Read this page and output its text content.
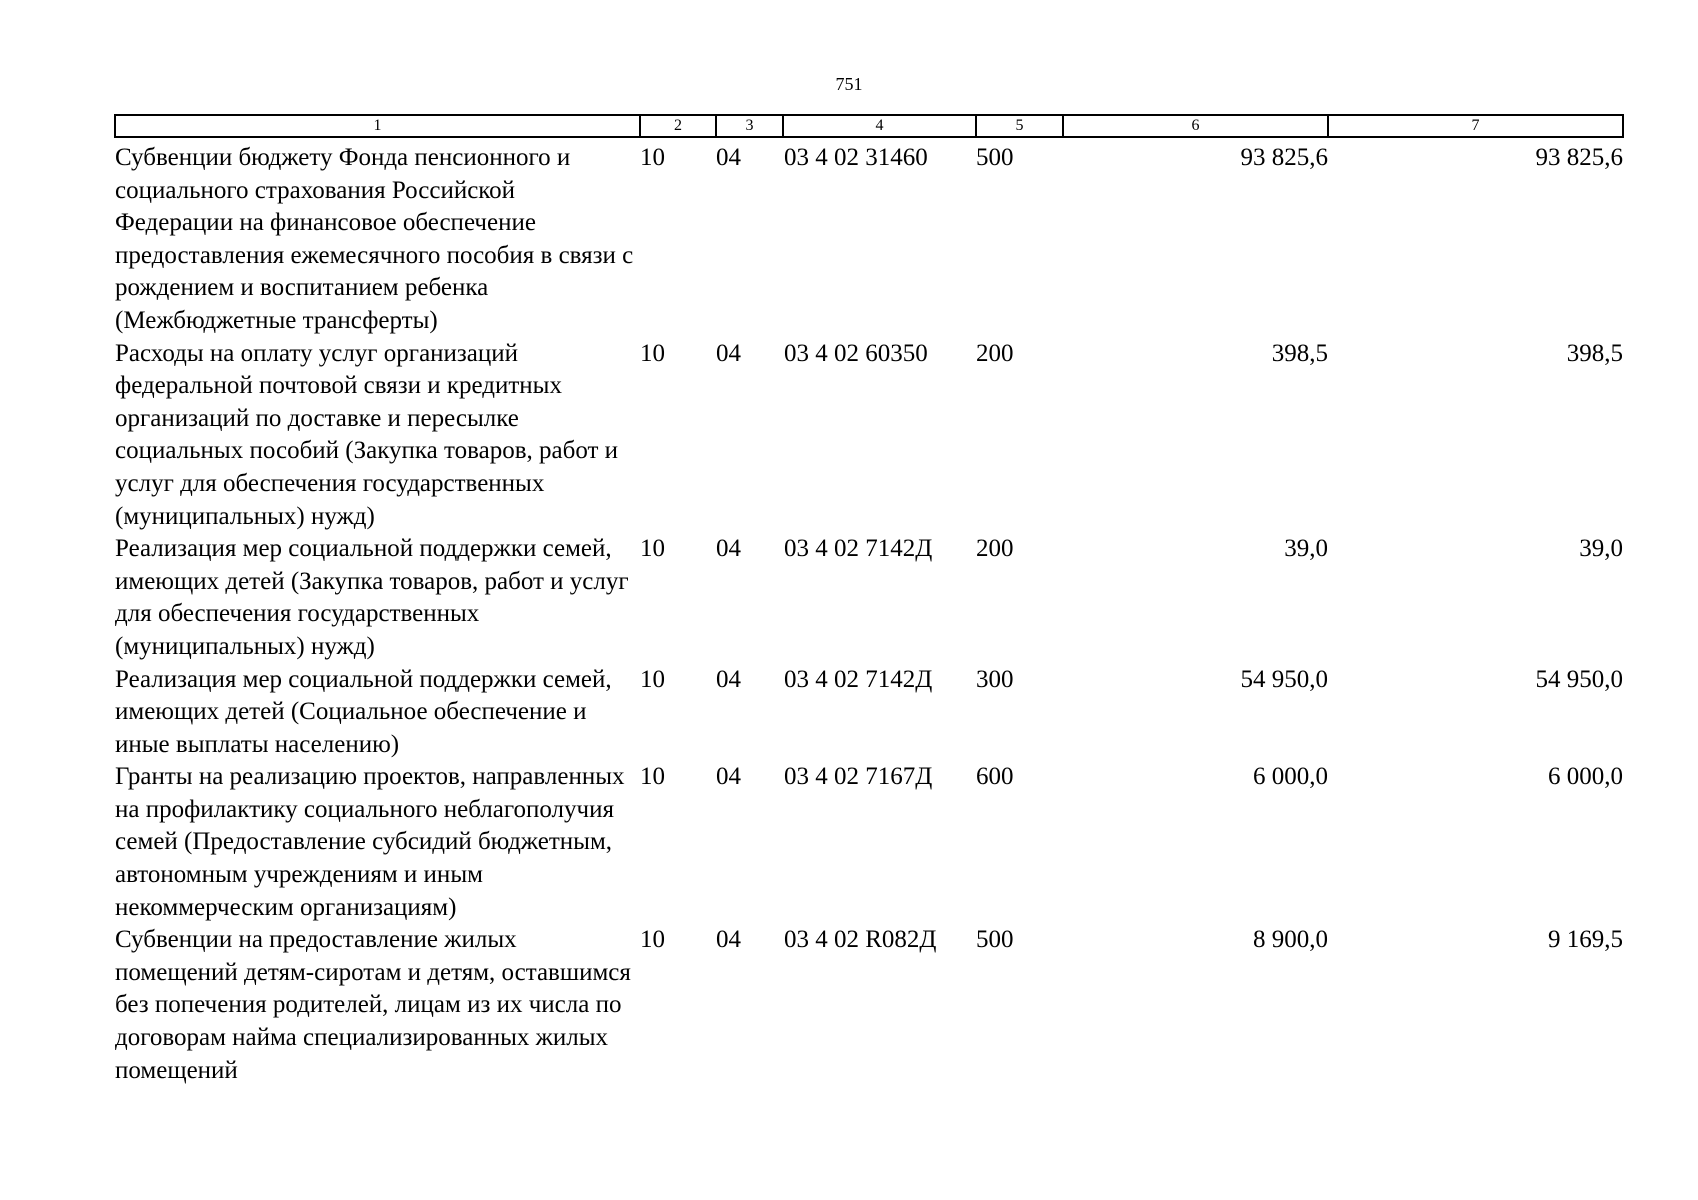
751
1	2	3	4	5	6	7
Субвенции бюджету Фонда пенсионного и социального страхования Российской Федерации на финансовое обеспечение предоставления ежемесячного пособия в связи с рождением и воспитанием ребенка (Межбюджетные трансферты)	10	04	03 4 02 31460	500	93 825,6	93 825,6
Расходы на оплату услуг организаций федеральной почтовой связи и кредитных организаций по доставке и пересылке социальных пособий (Закупка товаров, работ и услуг для обеспечения государственных (муниципальных) нужд)	10	04	03 4 02 60350	200	398,5	398,5
Реализация мер социальной поддержки семей, имеющих детей (Закупка товаров, работ и услуг для обеспечения государственных (муниципальных) нужд)	10	04	03 4 02 7142Д	200	39,0	39,0
Реализация мер социальной поддержки семей, имеющих детей (Социальное обеспечение и иные выплаты населению)	10	04	03 4 02 7142Д	300	54 950,0	54 950,0
Гранты на реализацию проектов, направленных на профилактику социального неблагополучия семей (Предоставление субсидий бюджетным, автономным учреждениям и иным некоммерческим организациям)	10	04	03 4 02 7167Д	600	6 000,0	6 000,0
Субвенции на предоставление жилых помещений детям-сиротам и детям, оставшимся без попечения родителей, лицам из их числа по договорам найма специализированных жилых помещений	10	04	03 4 02 R082Д	500	8 900,0	9 169,5
